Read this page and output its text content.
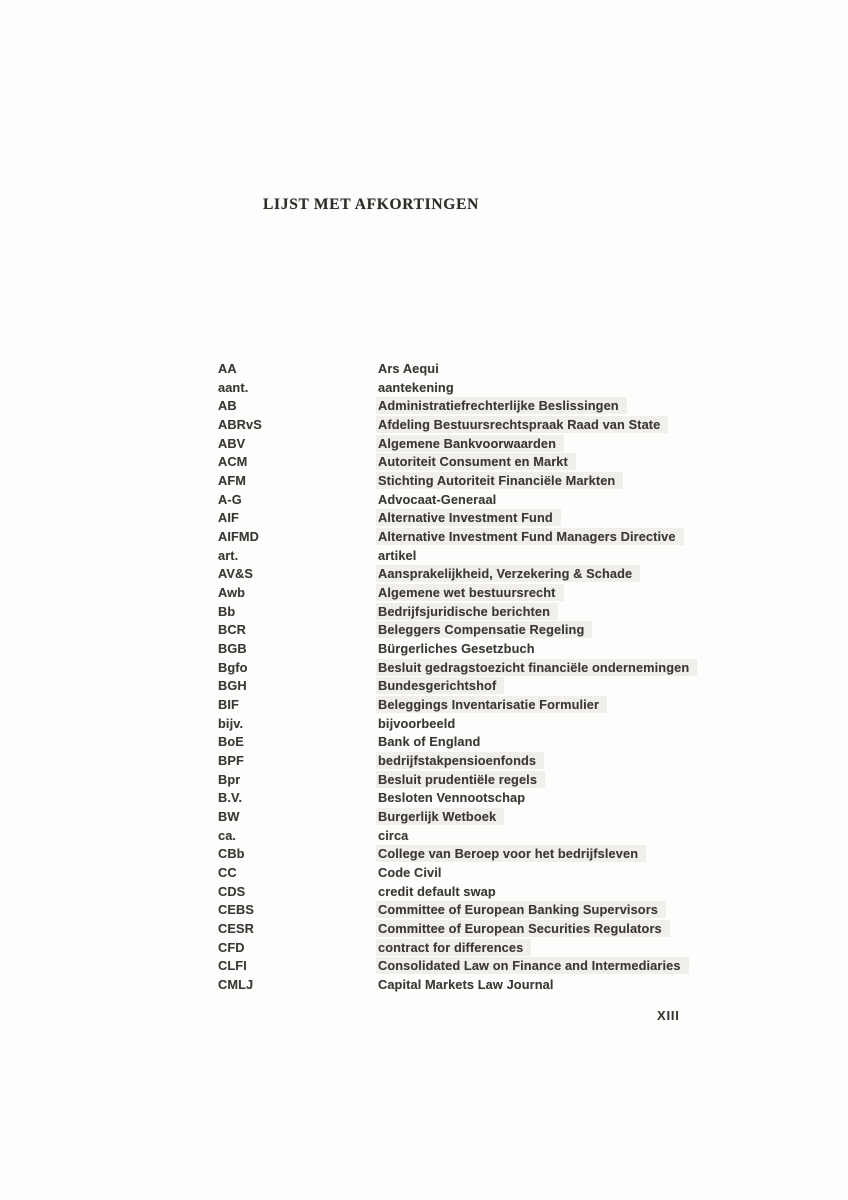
LIJST MET AFKORTINGEN
AA	Ars Aequi
aant.	aantekening
AB	Administratiefrechterlijke Beslissingen
ABRvS	Afdeling Bestuursrechtspraak Raad van State
ABV	Algemene Bankvoorwaarden
ACM	Autoriteit Consument en Markt
AFM	Stichting Autoriteit Financiële Markten
A-G	Advocaat-Generaal
AIF	Alternative Investment Fund
AIFMD	Alternative Investment Fund Managers Directive
art.	artikel
AV&S	Aansprakelijkheid, Verzekering & Schade
Awb	Algemene wet bestuursrecht
Bb	Bedrijfsjuridische berichten
BCR	Beleggers Compensatie Regeling
BGB	Bürgerliches Gesetzbuch
Bgfo	Besluit gedragstoezicht financiële ondernemingen
BGH	Bundesgerichtshof
BIF	Beleggings Inventarisatie Formulier
bijv.	bijvoorbeeld
BoE	Bank of England
BPF	bedrijfstakpensioenfonds
Bpr	Besluit prudentiële regels
B.V.	Besloten Vennootschap
BW	Burgerlijk Wetboek
ca.	circa
CBb	College van Beroep voor het bedrijfsleven
CC	Code Civil
CDS	credit default swap
CEBS	Committee of European Banking Supervisors
CESR	Committee of European Securities Regulators
CFD	contract for differences
CLFI	Consolidated Law on Finance and Intermediaries
CMLJ	Capital Markets Law Journal
XIII
